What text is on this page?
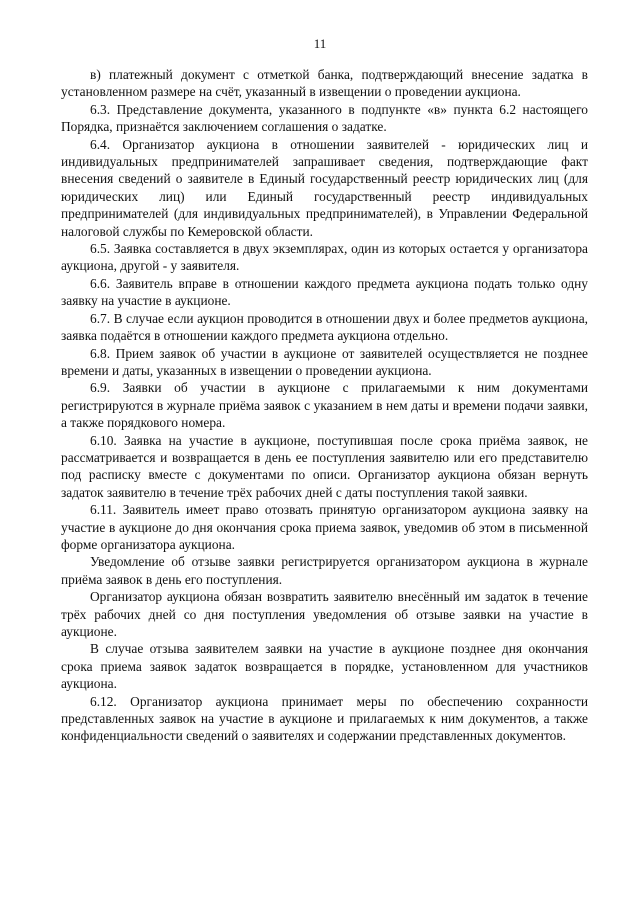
11

в) платежный документ с отметкой банка, подтверждающий внесение задатка в установленном размере на счёт, указанный в извещении о проведении аукциона.

6.3. Представление документа, указанного в подпункте «в» пункта 6.2 настоящего Порядка, признаётся заключением соглашения о задатке.

6.4. Организатор аукциона в отношении заявителей - юридических лиц и индивидуальных предпринимателей запрашивает сведения, подтверждающие факт внесения сведений о заявителе в Единый государственный реестр юридических лиц (для юридических лиц) или Единый государственный реестр индивидуальных предпринимателей (для индивидуальных предпринимателей), в Управлении Федеральной налоговой службы по Кемеровской области.

6.5. Заявка составляется в двух экземплярах, один из которых остается у организатора аукциона, другой - у заявителя.

6.6. Заявитель вправе в отношении каждого предмета аукциона подать только одну заявку на участие в аукционе.

6.7. В случае если аукцион проводится в отношении двух и более предметов аукциона, заявка подаётся в отношении каждого предмета аукциона отдельно.

6.8. Прием заявок об участии в аукционе от заявителей осуществляется не позднее времени и даты, указанных в извещении о проведении аукциона.

6.9. Заявки об участии в аукционе с прилагаемыми к ним документами регистрируются в журнале приёма заявок с указанием в нем даты и времени подачи заявки, а также порядкового номера.

6.10. Заявка на участие в аукционе, поступившая после срока приёма заявок, не рассматривается и возвращается в день ее поступления заявителю или его представителю под расписку вместе с документами по описи. Организатор аукциона обязан вернуть задаток заявителю в течение трёх рабочих дней с даты поступления такой заявки.

6.11. Заявитель имеет право отозвать принятую организатором аукциона заявку на участие в аукционе до дня окончания срока приема заявок, уведомив об этом в письменной форме организатора аукциона.

Уведомление об отзыве заявки регистрируется организатором аукциона в журнале приёма заявок в день его поступления.

Организатор аукциона обязан возвратить заявителю внесённый им задаток в течение трёх рабочих дней со дня поступления уведомления об отзыве заявки на участие в аукционе.

В случае отзыва заявителем заявки на участие в аукционе позднее дня окончания срока приема заявок задаток возвращается в порядке, установленном для участников аукциона.

6.12. Организатор аукциона принимает меры по обеспечению сохранности представленных заявок на участие в аукционе и прилагаемых к ним документов, а также конфиденциальности сведений о заявителях и содержании представленных документов.
